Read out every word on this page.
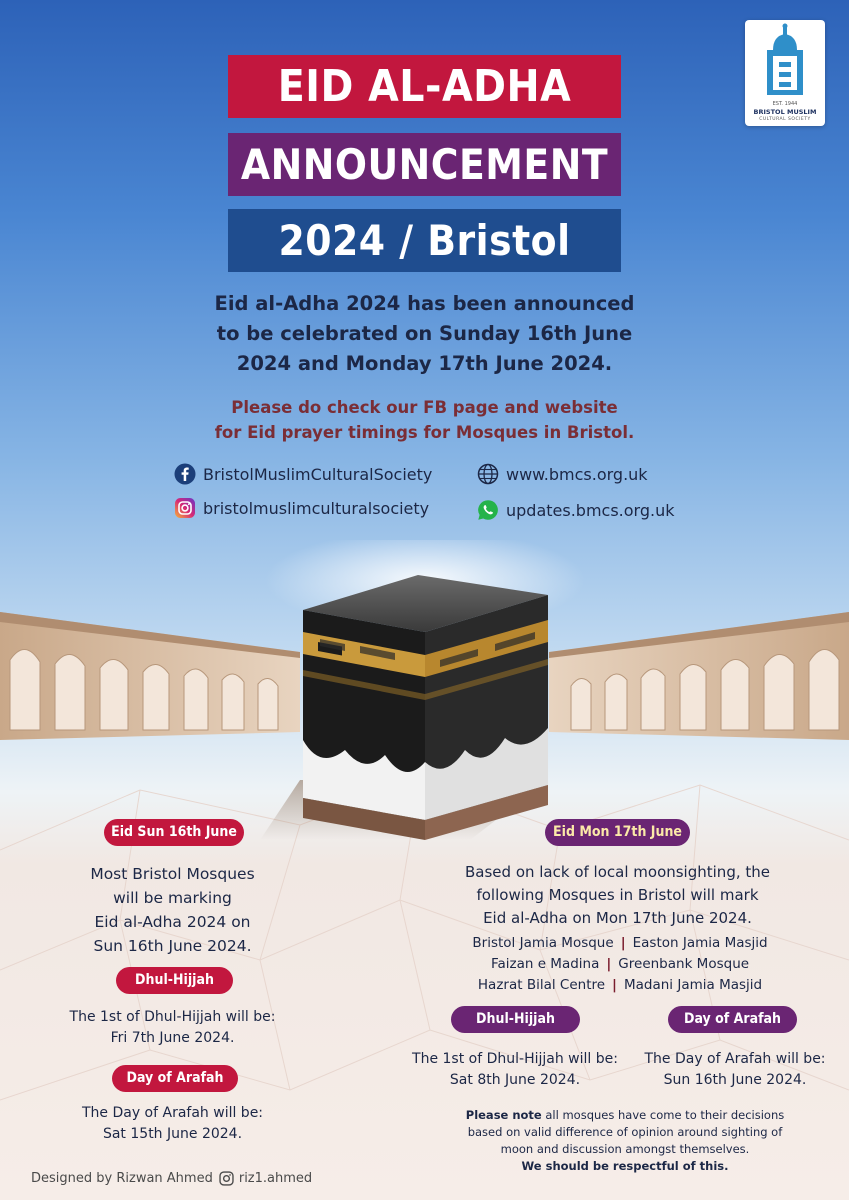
EST. 1944
BRISTOL MUSLIM
CULTURAL SOCIETY
EID AL-ADHA
ANNOUNCEMENT
2024 / Bristol
Eid al-Adha 2024 has been announced
to be celebrated on Sunday 16th June
2024 and Monday 17th June 2024.
Please do check our FB page and website
for Eid prayer timings for Mosques in Bristol.
BristolMuslimCulturalSociety
bristolmuslimculturalsociety
www.bmcs.org.uk
updates.bmcs.org.uk
Eid Sun 16th June
Most Bristol Mosques
will be marking
Eid al-Adha 2024 on
Sun 16th June 2024.
Dhul-Hijjah
The 1st of Dhul-Hijjah will be:
Fri 7th June 2024.
Day of Arafah
The Day of Arafah will be:
Sat 15th June 2024.
Eid Mon 17th June
Based on lack of local moonsighting, the
following Mosques in Bristol will mark
Eid al-Adha on Mon 17th June 2024.
Bristol Jamia Mosque | Easton Jamia Masjid
Faizan e Madina | Greenbank Mosque
Hazrat Bilal Centre | Madani Jamia Masjid
Dhul-Hijjah	Day of Arafah
The 1st of Dhul-Hijjah will be:
Sat 8th June 2024.
The Day of Arafah will be:
Sun 16th June 2024.
Please note all mosques have come to their decisions
based on valid difference of opinion around sighting of
moon and discussion amongst themselves.
We should be respectful of this.
Designed by Rizwan Ahmed riz1.ahmed
